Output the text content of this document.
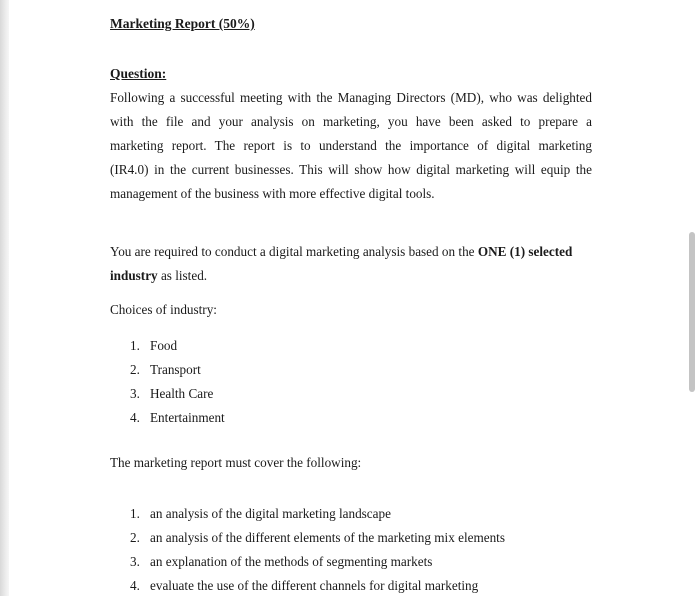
Marketing Report (50%)
Question:
Following a successful meeting with the Managing Directors (MD), who was delighted
with the file and your analysis on marketing, you have been asked to prepare a
marketing report. The report is to understand the importance of digital marketing
(IR4.0) in the current businesses. This will show how digital marketing will equip the
management of the business with more effective digital tools.
You are required to conduct a digital marketing analysis based on the ONE (1) selected
industry as listed.
Choices of industry:
1. Food
2. Transport
3. Health Care
4. Entertainment
The marketing report must cover the following:
1. an analysis of the digital marketing landscape
2. an analysis of the different elements of the marketing mix elements
3. an explanation of the methods of segmenting markets
4. evaluate the use of the different channels for digital marketing
